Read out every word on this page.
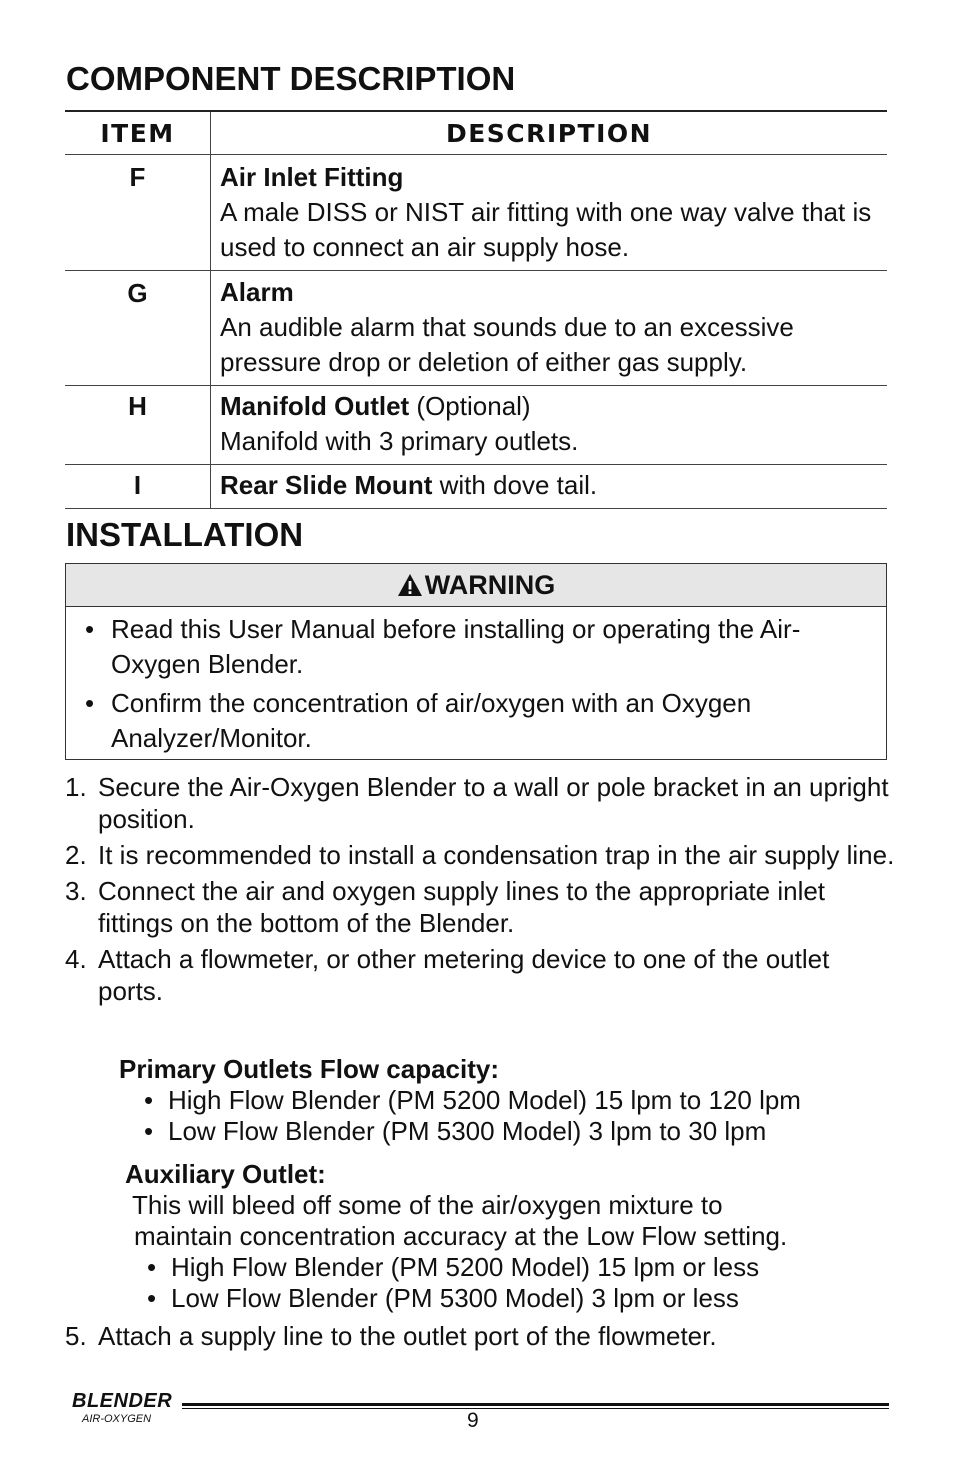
COMPONENT DESCRIPTION
ITEM	DESCRIPTION
F	Air Inlet Fitting
A male DISS or NIST air fitting with one way valve that is used to connect an air supply hose.
G	Alarm
An audible alarm that sounds due to an excessive pressure drop or deletion of either gas supply.
H	Manifold Outlet (Optional)
Manifold with 3 primary outlets.
I	Rear Slide Mount with dove tail.
INSTALLATION
WARNING
• Read this User Manual before installing or operating the Air-Oxygen Blender.
• Confirm the concentration of air/oxygen with an Oxygen Analyzer/Monitor.
1. Secure the Air-Oxygen Blender to a wall or pole bracket in an upright position.
2. It is recommended to install a condensation trap in the air supply line.
3. Connect the air and oxygen supply lines to the appropriate inlet fittings on the bottom of the Blender.
4. Attach a flowmeter, or other metering device to one of the outlet ports.
Primary Outlets Flow capacity:
• High Flow Blender (PM 5200 Model) 15 lpm to 120 lpm
• Low Flow Blender (PM 5300 Model) 3 lpm to 30 lpm
Auxiliary Outlet:
This will bleed off some of the air/oxygen mixture to
maintain concentration accuracy at the Low Flow setting.
• High Flow Blender (PM 5200 Model) 15 lpm or less
• Low Flow Blender (PM 5300 Model) 3 lpm or less
5. Attach a supply line to the outlet port of the flowmeter.
BLENDER
AIR-OXYGEN	9
